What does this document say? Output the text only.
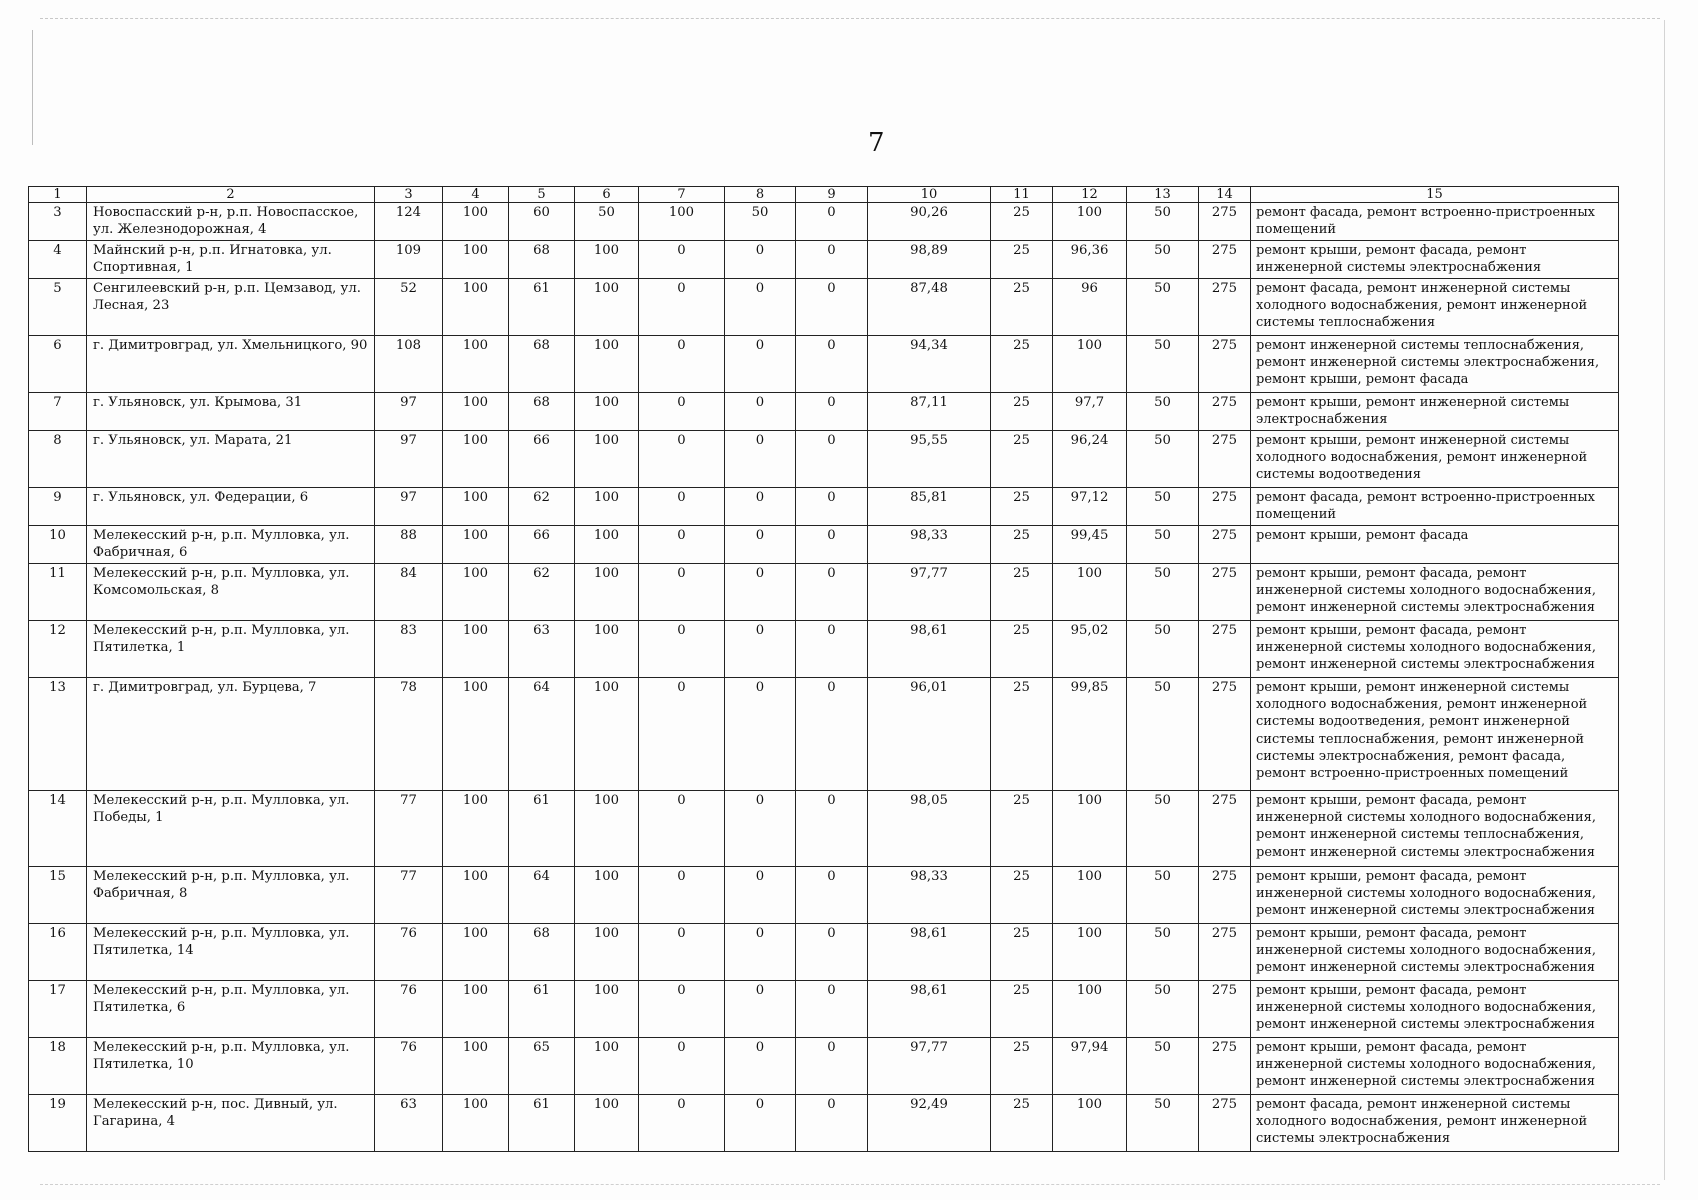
7
1	2	3	4	5	6	7	8	9	10	11	12	13	14	15
3	Новоспасский р-н, р.п. Новоспасское, ул. Железнодорожная, 4	124	100	60	50	100	50	0	90,26	25	100	50	275	ремонт фасада, ремонт встроенно-пристроенных помещений
4	Майнский р-н, р.п. Игнатовка, ул. Спортивная, 1	109	100	68	100	0	0	0	98,89	25	96,36	50	275	ремонт крыши, ремонт фасада, ремонт инженерной системы электроснабжения
5	Сенгилеевский р-н, р.п. Цемзавод, ул. Лесная, 23	52	100	61	100	0	0	0	87,48	25	96	50	275	ремонт фасада, ремонт инженерной системы холодного водоснабжения, ремонт инженерной системы теплоснабжения
6	г. Димитровград, ул. Хмельницкого, 90	108	100	68	100	0	0	0	94,34	25	100	50	275	ремонт инженерной системы теплоснабжения, ремонт инженерной системы электроснабжения, ремонт крыши, ремонт фасада
7	г. Ульяновск, ул. Крымова, 31	97	100	68	100	0	0	0	87,11	25	97,7	50	275	ремонт крыши, ремонт инженерной системы электроснабжения
8	г. Ульяновск, ул. Марата, 21	97	100	66	100	0	0	0	95,55	25	96,24	50	275	ремонт крыши, ремонт инженерной системы холодного водоснабжения, ремонт инженерной системы водоотведения
9	г. Ульяновск, ул. Федерации, 6	97	100	62	100	0	0	0	85,81	25	97,12	50	275	ремонт фасада, ремонт встроенно-пристроенных помещений
10	Мелекесский р-н, р.п. Мулловка, ул. Фабричная, 6	88	100	66	100	0	0	0	98,33	25	99,45	50	275	ремонт крыши, ремонт фасада
11	Мелекесский р-н, р.п. Мулловка, ул. Комсомольская, 8	84	100	62	100	0	0	0	97,77	25	100	50	275	ремонт крыши, ремонт фасада, ремонт инженерной системы холодного водоснабжения, ремонт инженерной системы электроснабжения
12	Мелекесский р-н, р.п. Мулловка, ул. Пятилетка, 1	83	100	63	100	0	0	0	98,61	25	95,02	50	275	ремонт крыши, ремонт фасада, ремонт инженерной системы холодного водоснабжения, ремонт инженерной системы электроснабжения
13	г. Димитровград, ул. Бурцева, 7	78	100	64	100	0	0	0	96,01	25	99,85	50	275	ремонт крыши, ремонт инженерной системы холодного водоснабжения, ремонт инженерной системы водоотведения, ремонт инженерной системы теплоснабжения, ремонт инженерной системы электроснабжения, ремонт фасада, ремонт встроенно-пристроенных помещений
14	Мелекесский р-н, р.п. Мулловка, ул. Победы, 1	77	100	61	100	0	0	0	98,05	25	100	50	275	ремонт крыши, ремонт фасада, ремонт инженерной системы холодного водоснабжения, ремонт инженерной системы теплоснабжения, ремонт инженерной системы электроснабжения
15	Мелекесский р-н, р.п. Мулловка, ул. Фабричная, 8	77	100	64	100	0	0	0	98,33	25	100	50	275	ремонт крыши, ремонт фасада, ремонт инженерной системы холодного водоснабжения, ремонт инженерной системы электроснабжения
16	Мелекесский р-н, р.п. Мулловка, ул. Пятилетка, 14	76	100	68	100	0	0	0	98,61	25	100	50	275	ремонт крыши, ремонт фасада, ремонт инженерной системы холодного водоснабжения, ремонт инженерной системы электроснабжения
17	Мелекесский р-н, р.п. Мулловка, ул. Пятилетка, 6	76	100	61	100	0	0	0	98,61	25	100	50	275	ремонт крыши, ремонт фасада, ремонт инженерной системы холодного водоснабжения, ремонт инженерной системы электроснабжения
18	Мелекесский р-н, р.п. Мулловка, ул. Пятилетка, 10	76	100	65	100	0	0	0	97,77	25	97,94	50	275	ремонт крыши, ремонт фасада, ремонт инженерной системы холодного водоснабжения, ремонт инженерной системы электроснабжения
19	Мелекесский р-н, пос. Дивный, ул. Гагарина, 4	63	100	61	100	0	0	0	92,49	25	100	50	275	ремонт фасада, ремонт инженерной системы холодного водоснабжения, ремонт инженерной системы электроснабжения
